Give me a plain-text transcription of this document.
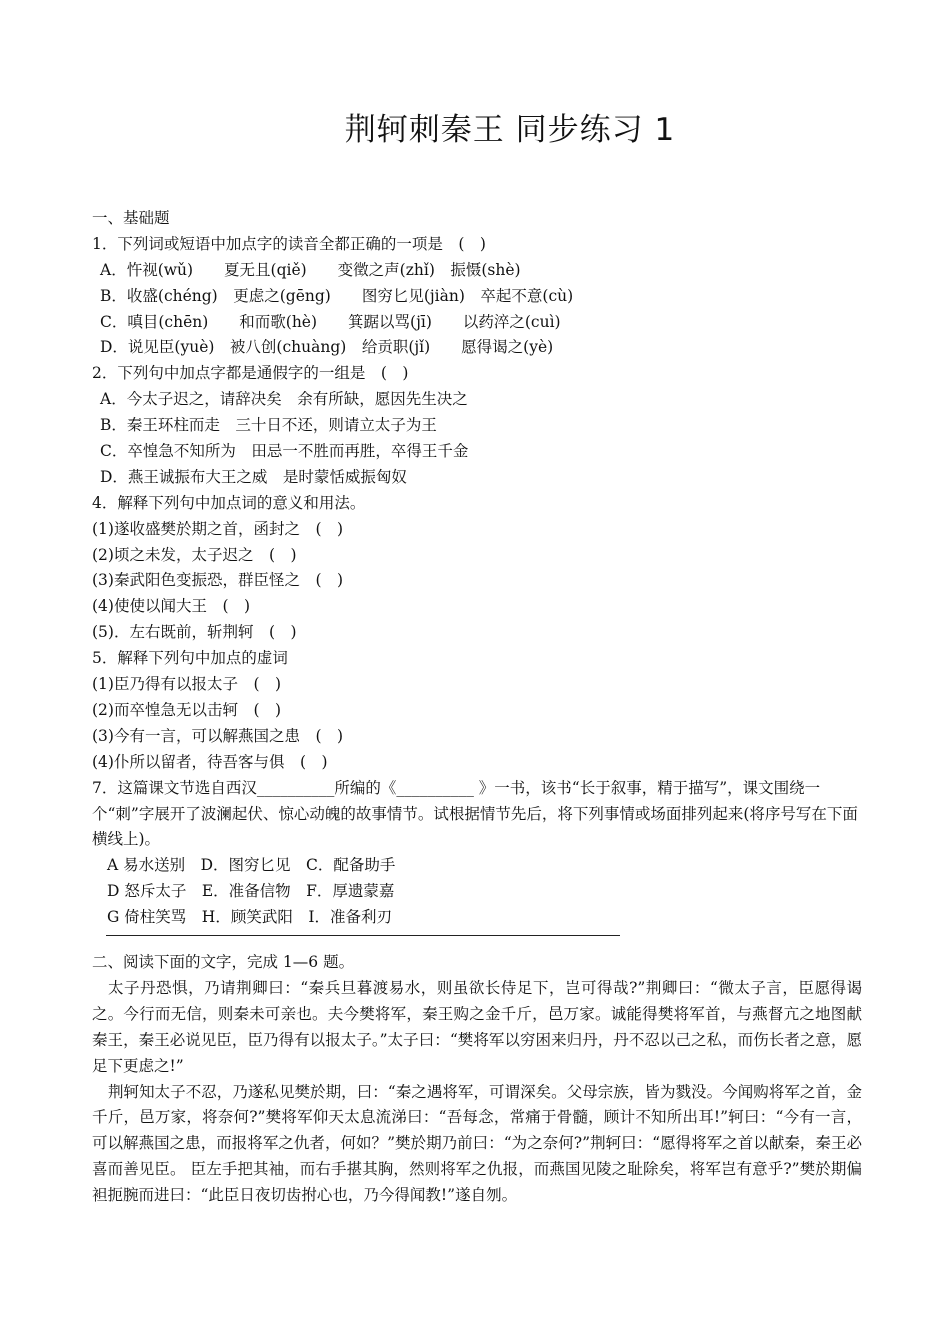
荆轲刺秦王 同步练习 1
一、基础题
1．下列词或短语中加点字的读音全都正确的一项是　(　)
A．忤视(wǔ)　　夏无且(qiě)　　变徵之声(zhǐ)　振慑(shè)
B．收盛(chéng)　更虑之(gēng)　　图穷匕见(jiàn)　卒起不意(cù)
C．嗔目(chēn)　　和而歌(hè)　　箕踞以骂(jī)　　以药淬之(cuì)
D．说见臣(yuè)　被八创(chuàng)　给贡职(jǐ)　　愿得谒之(yè)
2．下列句中加点字都是通假字的一组是　(　)
A．今太子迟之，请辞决矣　余有所缺，愿因先生决之
B．秦王环柱而走　三十日不还，则请立太子为王
C．卒惶急不知所为　田忌一不胜而再胜，卒得王千金
D．燕王诚振布大王之威　是时蒙恬威振匈奴
4．解释下列句中加点词的意义和用法。
(1)遂收盛樊於期之首，函封之　(　)
(2)顷之未发，太子迟之　(　)
(3)秦武阳色变振恐，群臣怪之　(　)
(4)使使以闻大王　(　)
(5)．左右既前，斩荆轲　(　)
5．解释下列句中加点的虚词
(1)臣乃得有以报太子　(　)
(2)而卒惶急无以击轲　(　)
(3)今有一言，可以解燕国之患　(　)
(4)仆所以留者，待吾客与俱　(　)
7．这篇课文节选自西汉__________所编的《__________ 》一书，该书“长于叙事，精于描写”，课文围绕一个“刺”字展开了波澜起伏、惊心动魄的故事情节。试根据情节先后，将下列事情或场面排列起来(将序号写在下面横线上)。
A 易水送别　D．图穷匕见　C．配备助手
D 怒斥太子　E．准备信物　F．厚遗蒙嘉
G 倚柱笑骂　H．顾笑武阳　I．准备利刃
二、阅读下面的文字，完成 1—6 题。
太子丹恐惧，乃请荆卿曰：“秦兵旦暮渡易水，则虽欲长侍足下，岂可得哉?”荆卿曰：“微太子言，臣愿得谒之。今行而无信，则秦未可亲也。夫今樊将军，秦王购之金千斤，邑万家。诚能得樊将军首，与燕督亢之地图献秦王，秦王必说见臣，臣乃得有以报太子。”太子曰：“樊将军以穷困来归丹，丹不忍以己之私，而伤长者之意，愿足下更虑之!”
荆轲知太子不忍，乃遂私见樊於期，曰：“秦之遇将军，可谓深矣。父母宗族，皆为戮没。今闻购将军之首，金千斤，邑万家，将奈何?”樊将军仰天太息流涕曰：“吾每念，常痛于骨髓，顾计不知所出耳!”轲曰：“今有一言，可以解燕国之患，而报将军之仇者，何如？”樊於期乃前曰：“为之奈何?”荆轲曰：“愿得将军之首以献秦，秦王必喜而善见臣。 臣左手把其袖，而右手揕其胸，然则将军之仇报，而燕国见陵之耻除矣，将军岂有意乎?”樊於期偏袒扼腕而进曰：“此臣日夜切齿拊心也，乃今得闻教!”遂自刎。
